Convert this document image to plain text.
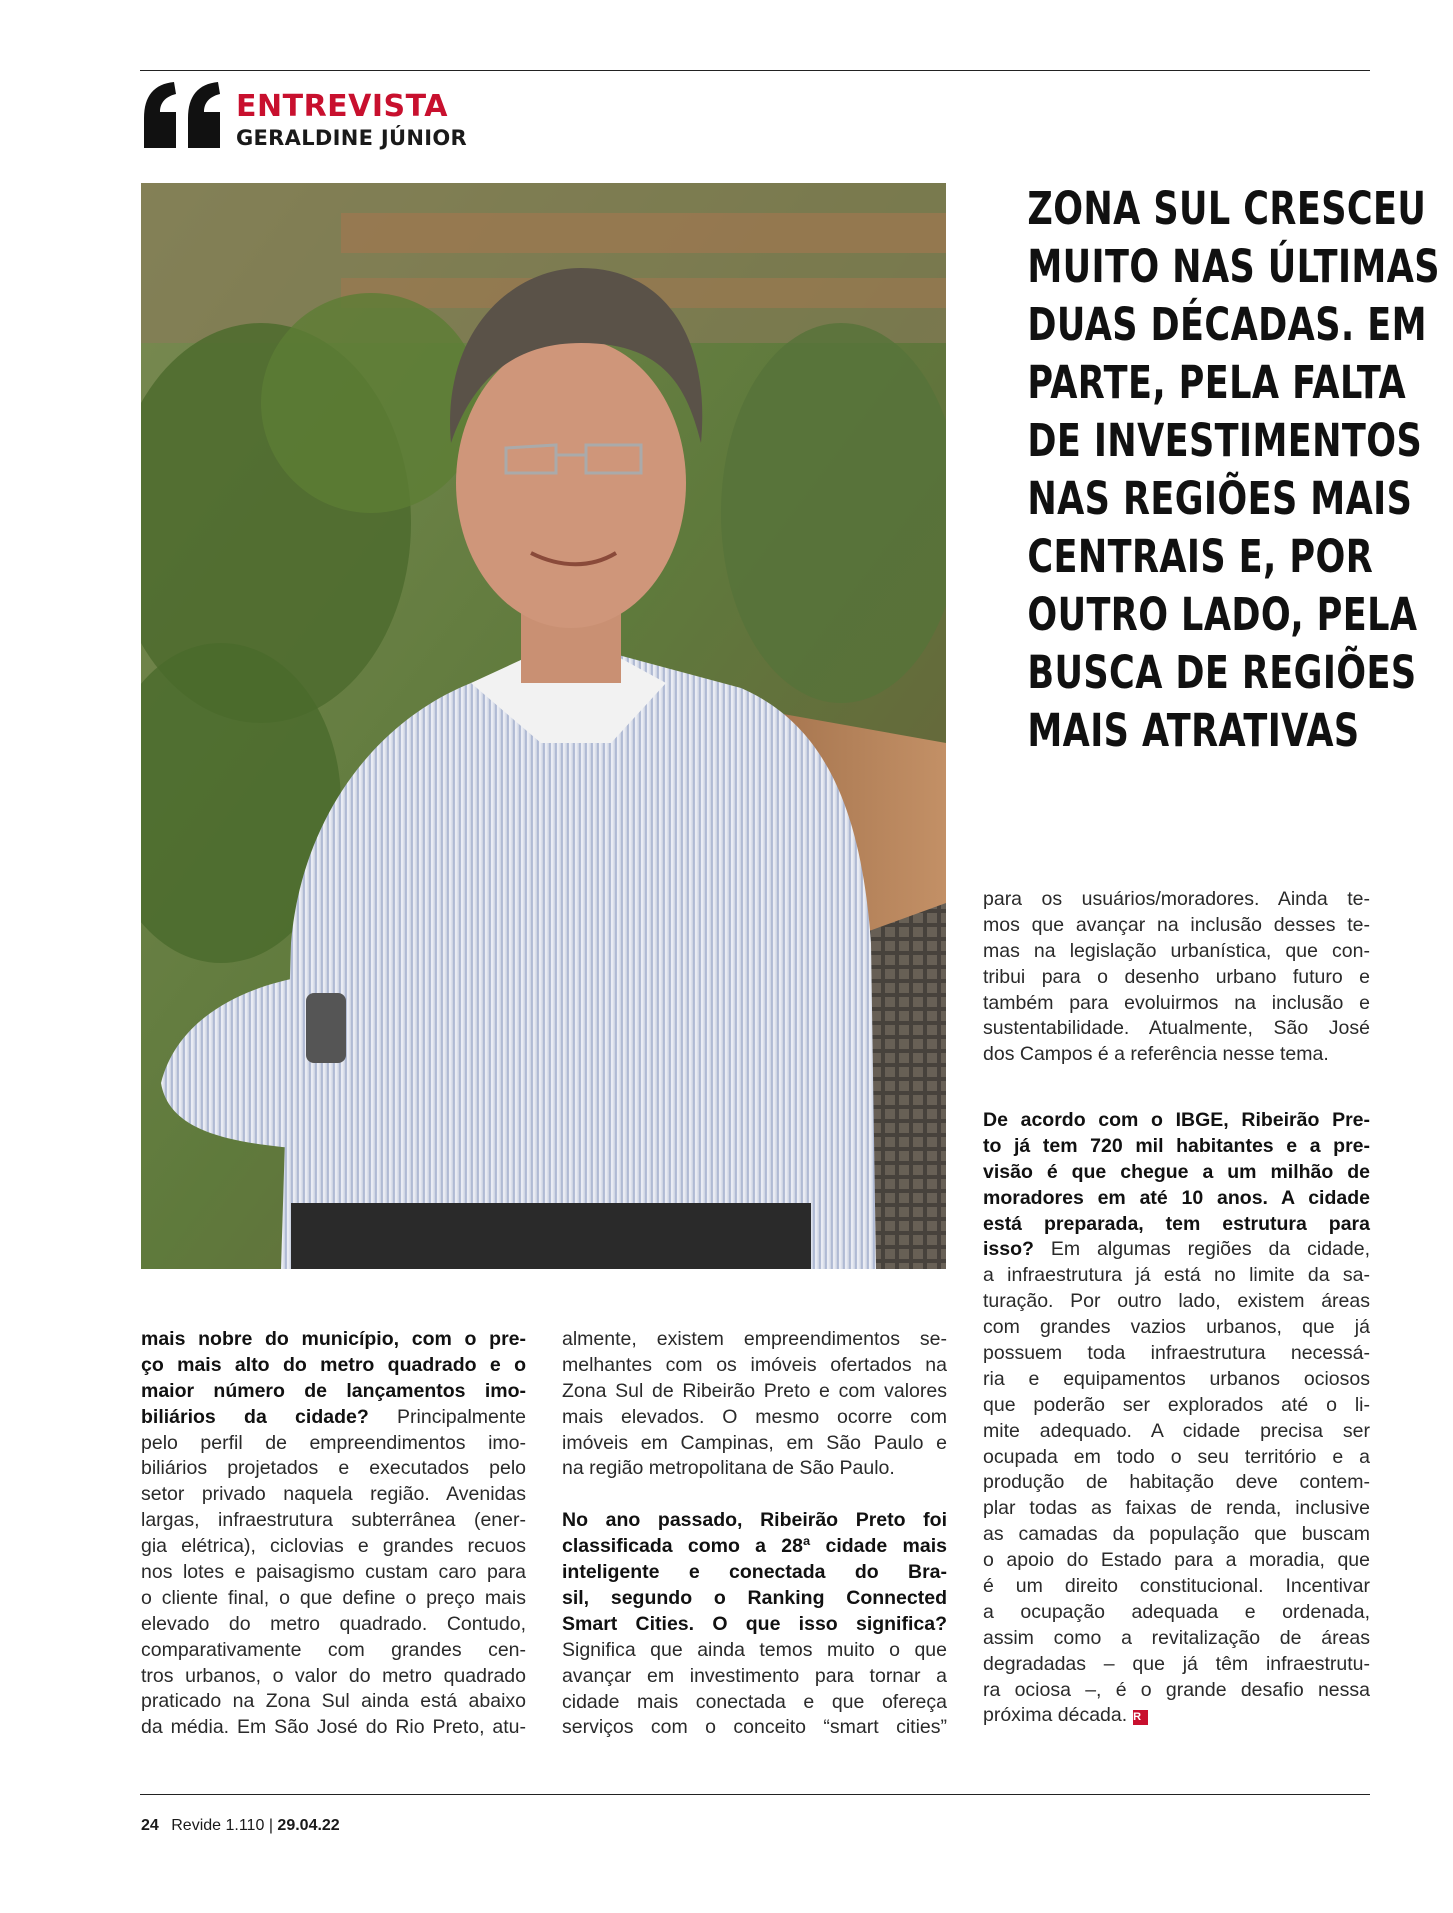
ENTREVISTA
GERALDINE JÚNIOR
ZONA SUL CRESCEU
MUITO NAS ÚLTIMAS
DUAS DÉCADAS. EM
PARTE, PELA FALTA
DE INVESTIMENTOS
NAS REGIÕES MAIS
CENTRAIS E, POR
OUTRO LADO, PELA
BUSCA DE REGIÕES
MAIS ATRATIVAS
para os usuários/moradores. Ainda te-
mos que avançar na inclusão desses te-
mas na legislação urbanística, que con-
tribui para o desenho urbano futuro e
também para evoluirmos na inclusão e
sustentabilidade. Atualmente, São José
dos Campos é a referência nesse tema.
De acordo com o IBGE, Ribeirão Pre-
to já tem 720 mil habitantes e a pre-
visão é que chegue a um milhão de
moradores em até 10 anos. A cidade
está preparada, tem estrutura para
isso? Em algumas regiões da cidade,
a infraestrutura já está no limite da sa-
turação. Por outro lado, existem áreas
com grandes vazios urbanos, que já
possuem toda infraestrutura necessá-
ria e equipamentos urbanos ociosos
que poderão ser explorados até o li-
mite adequado. A cidade precisa ser
ocupada em todo o seu território e a
produção de habitação deve contem-
plar todas as faixas de renda, inclusive
as camadas da população que buscam
o apoio do Estado para a moradia, que
é um direito constitucional. Incentivar
a ocupação adequada e ordenada,
assim como a revitalização de áreas
degradadas – que já têm infraestrutu-
ra ociosa –, é o grande desafio nessa
próxima década. R
mais nobre do município, com o pre-
ço mais alto do metro quadrado e o
maior número de lançamentos imo-
biliários da cidade? Principalmente
pelo perfil de empreendimentos imo-
biliários projetados e executados pelo
setor privado naquela região. Avenidas
largas, infraestrutura subterrânea (ener-
gia elétrica), ciclovias e grandes recuos
nos lotes e paisagismo custam caro para
o cliente final, o que define o preço mais
elevado do metro quadrado. Contudo,
comparativamente com grandes cen-
tros urbanos, o valor do metro quadrado
praticado na Zona Sul ainda está abaixo
da média. Em São José do Rio Preto, atu-
almente, existem empreendimentos se-
melhantes com os imóveis ofertados na
Zona Sul de Ribeirão Preto e com valores
mais elevados. O mesmo ocorre com
imóveis em Campinas, em São Paulo e
na região metropolitana de São Paulo.
No ano passado, Ribeirão Preto foi
classificada como a 28ª cidade mais
inteligente e conectada do Bra-
sil, segundo o Ranking Connected
Smart Cities. O que isso significa?
Significa que ainda temos muito o que
avançar em investimento para tornar a
cidade mais conectada e que ofereça
serviços com o conceito “smart cities”
24 Revide 1.110 | 29.04.22
